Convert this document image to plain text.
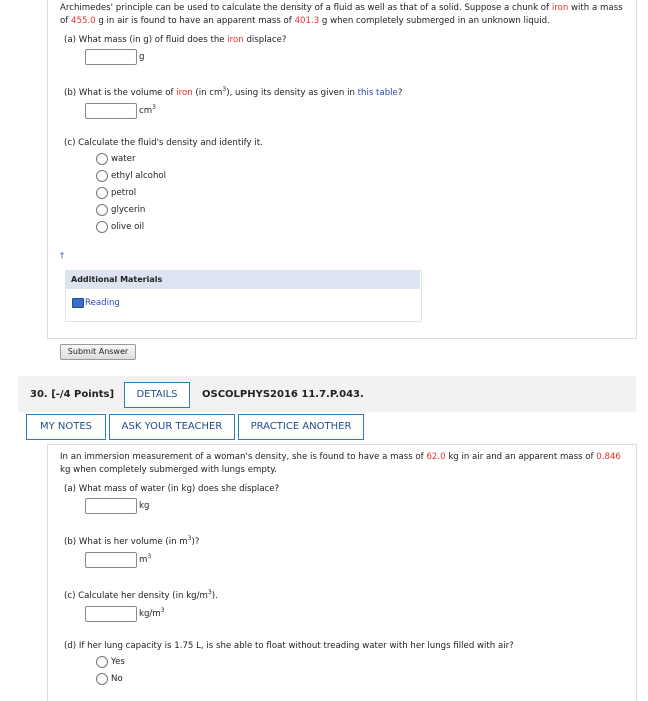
Archimedes' principle can be used to calculate the density of a fluid as well as that of a solid. Suppose a chunk of iron with a mass
of 455.0 g in air is found to have an apparent mass of 401.3 g when completely submerged in an unknown liquid.
(a) What mass (in g) of fluid does the iron displace?
g
(b) What is the volume of iron (in $cm^3$), using its density as given in this table?
$cm^3$
(c) Calculate the fluid's density and identify it.
water
ethyl alcohol
petrol
glycerin
olive oil
†
Additional Materials
Reading
Submit Answer
30. [-/4 Points]	DETAILS	OSCOLPHYS2016 11.7.P.043.
MY NOTES	ASK YOUR TEACHER	PRACTICE ANOTHER
In an immersion measurement of a woman's density, she is found to have a mass of 62.0 kg in air and an apparent mass of 0.846
kg when completely submerged with lungs empty.
(a) What mass of water (in kg) does she displace?
kg
(b) What is her volume (in $m^3$)?
$m^3$
(c) Calculate her density (in $kg/m^3$).
$kg/m^3$
(d) If her lung capacity is 1.75 L, is she able to float without treading water with her lungs filled with air?
Yes
No
